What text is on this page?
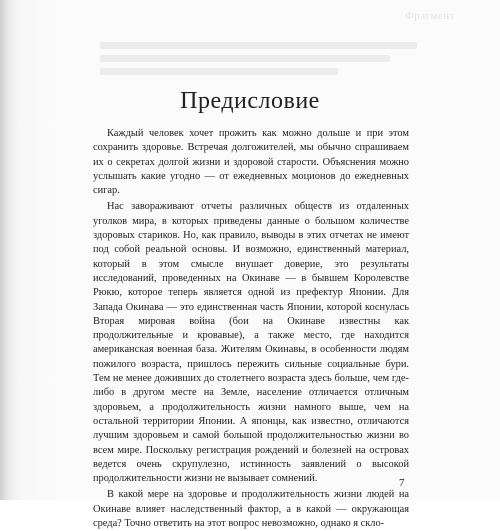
Фрагмент
Предисловие

Каждый человек хочет прожить как можно дольше и при этом сохранить здоровье. Встречая долгожителей, мы обычно спрашиваем их о секретах долгой жизни и здоровой старости. Объяснения можно услышать какие угодно — от ежедневных моционов до ежедневных сигар.

Нас завораживают отчеты различных обществ из отдаленных уголков мира, в которых приведены данные о большом количестве здоровых стариков. Но, как правило, выводы в этих отчетах не имеют под собой реальной основы. И возможно, единственный материал, который в этом смысле внушает доверие, это результаты исследований, проведенных на Окинаве — в бывшем Королевстве Рюкю, которое теперь является одной из префектур Японии. Для Запада Окинава — это единственная часть Японии, которой коснулась Вторая мировая война (бои на Окинаве известны как продолжительные и кровавые), а также место, где находится американская военная база. Жителям Окинавы, в особенности людям пожилого возраста, пришлось пережить сильные социальные бури. Тем не менее доживших до столетнего возраста здесь больше, чем где-либо в другом месте на Земле, население отличается отличным здоровьем, а продолжительность жизни намного выше, чем на остальной территории Японии. А японцы, как известно, отличаются лучшим здоровьем и самой большой продолжительностью жизни во всем мире. Поскольку регистрация рождений и болезней на островах ведется очень скрупулезно, истинность заявлений о высокой продолжительности жизни не вызывает сомнений.

В какой мере на здоровье и продолжительность жизни людей на Окинаве влияет наследственный фактор, а в какой — окружающая среда? Точно ответить на этот вопрос невозможно, однако я скло-

7
